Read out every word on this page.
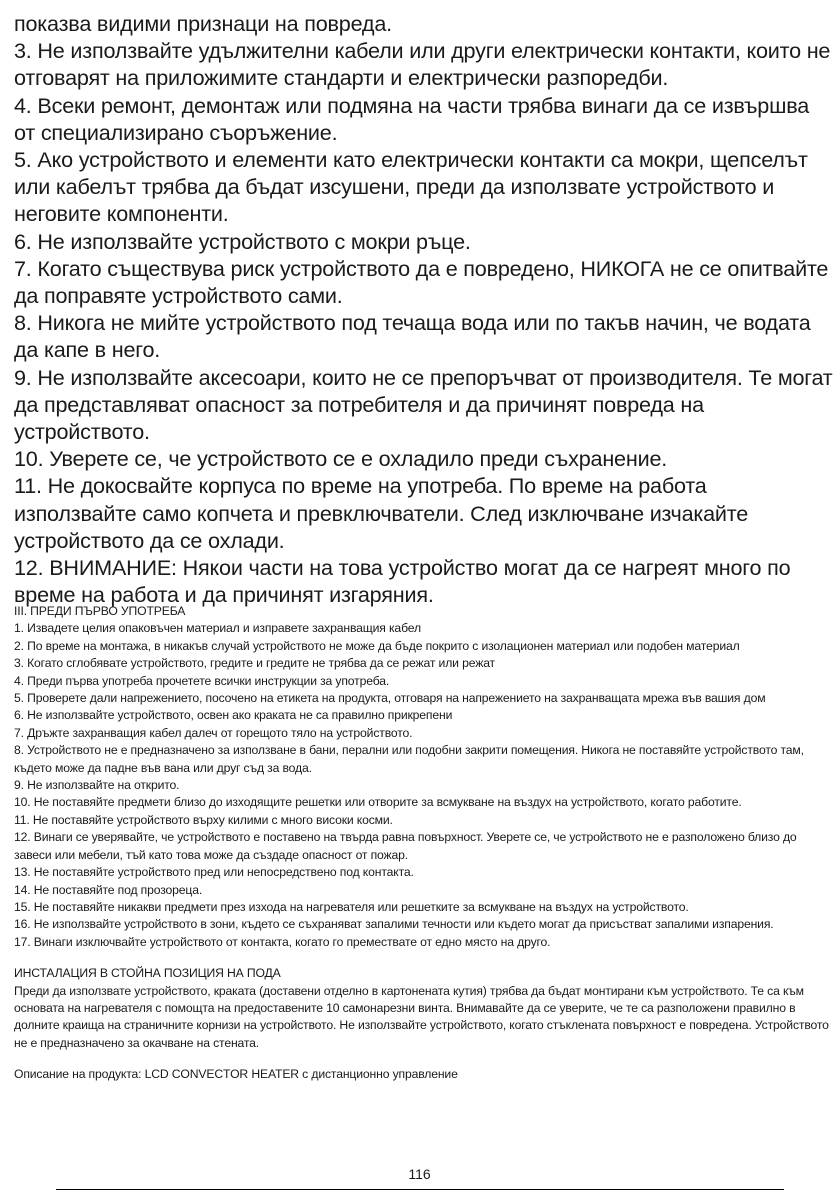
показва видими признаци на повреда.

3. Не използвайте удължителни кабели или други електрически контакти, които не отговарят на приложимите стандарти и електрически разпоредби.

4. Всеки ремонт, демонтаж или подмяна на части трябва винаги да се извършва от специализирано съоръжение.

5. Ако устройството и елементи като електрически контакти са мокри, щепселът или кабелът трябва да бъдат изсушени, преди да използвате устройството и неговите компоненти.

6. Не използвайте устройството с мокри ръце.

7. Когато съществува риск устройството да е повредено, НИКОГА не се опитвайте да поправяте устройството сами.

8. Никога не мийте устройството под течаща вода или по такъв начин, че водата да капе в него.

9. Не използвайте аксесоари, които не се препоръчват от производителя. Те могат да представляват опасност за потребителя и да причинят повреда на устройството.

10. Уверете се, че устройството се е охладило преди съхранение.

11. Не докосвайте корпуса по време на употреба. По време на работа използвайте само копчета и превключватели. След изключване изчакайте устройството да се охлади.

12. ВНИМАНИЕ: Някои части на това устройство могат да се нагреят много по време на работа и да причинят изгаряния.

III. ПРЕДИ ПЪРВО УПОТРЕБА

1. Извадете целия опаковъчен материал и изправете захранващия кабел

2. По време на монтажа, в никакъв случай устройството не може да бъде покрито с изолационен материал или подобен материал

3. Когато сглобявате устройството, гредите и гредите не трябва да се режат или режат

4. Преди първа употреба прочетете всички инструкции за употреба.

5. Проверете дали напрежението, посочено на етикета на продукта, отговаря на напрежението на захранващата мрежа във вашия дом

6. Не използвайте устройството, освен ако краката не са правилно прикрепени

7. Дръжте захранващия кабел далеч от горещото тяло на устройството.

8. Устройството не е предназначено за използване в бани, перални или подобни закрити помещения. Никога не поставяйте устройството там, където може да падне във вана или друг съд за вода.

9. Не използвайте на открито.

10. Не поставяйте предмети близо до изходящите решетки или отворите за всмукване на въздух на устройството, когато работите.

11. Не поставяйте устройството върху килими с много високи косми.

12. Винаги се уверявайте, че устройството е поставено на твърда равна повърхност. Уверете се, че устройството не е разположено близо до завеси или мебели, тъй като това може да създаде опасност от пожар.

13. Не поставяйте устройството пред или непосредствено под контакта.

14. Не поставяйте под прозореца.

15. Не поставяйте никакви предмети през изхода на нагревателя или решетките за всмукване на въздух на устройството.

16. Не използвайте устройството в зони, където се съхраняват запалими течности или където могат да присъстват запалими изпарения.

17. Винаги изключвайте устройството от контакта, когато го премествате от едно място на друго.

ИНСТАЛАЦИЯ В СТОЙНА ПОЗИЦИЯ НА ПОДА

Преди да използвате устройството, краката (доставени отделно в картонената кутия) трябва да бъдат монтирани към устройството. Те са към основата на нагревателя с помощта на предоставените 10 самонарезни винта. Внимавайте да се уверите, че те са разположени правилно в долните краища на страничните корнизи на устройството. Не използвайте устройството, когато стъклената повърхност е повредена. Устройството не е предназначено за окачване на стената.

Описание на продукта: LCD CONVECTOR HEATER с дистанционно управление

116
